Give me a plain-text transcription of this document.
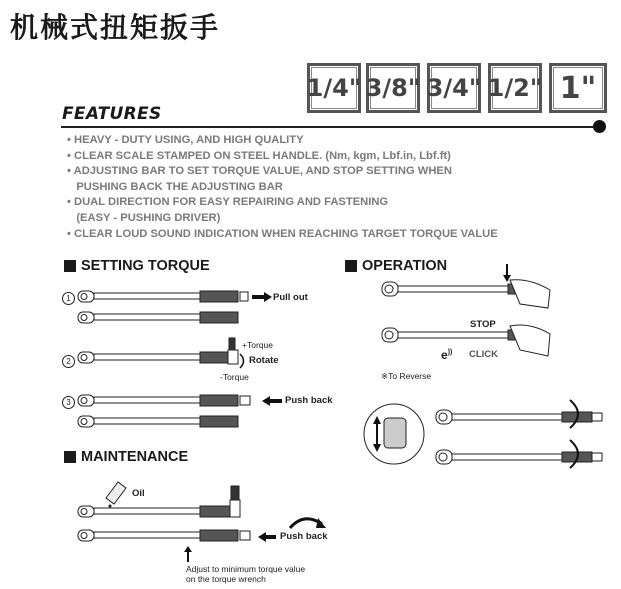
机械式扭矩扳手
1/4" 3/8" 3/4" 1/2" 1"
FEATURES
• HEAVY - DUTY USING, AND HIGH QUALITY
• CLEAR SCALE STAMPED ON STEEL HANDLE. (Nm, kgm, Lbf.in, Lbf.ft)
• ADJUSTING BAR TO SET TORQUE VALUE, AND STOP SETTING WHEN
PUSHING BACK THE ADJUSTING BAR
• DUAL DIRECTION FOR EASY REPAIRING AND FASTENING
(EASY - PUSHING DRIVER)
• CLEAR LOUD SOUND INDICATION WHEN REACHING TARGET TORQUE VALUE
SETTING TORQUE
1	Pull out
2
+Torque
Rotate
-Torque
3	Push back
MAINTENANCE
Oil
Push back
Adjust to minimum torque value
on the torque wrench
OPERATION
STOP
e)) CLICK
※To Reverse
